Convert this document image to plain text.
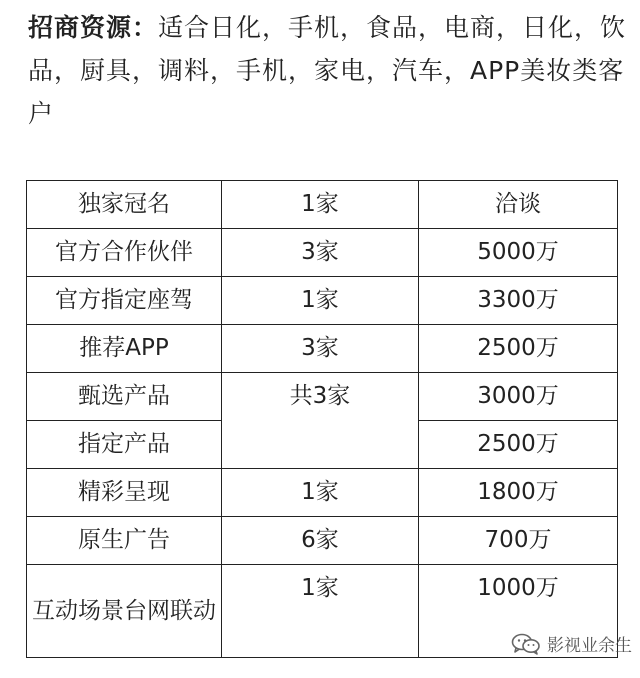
招商资源：适合日化，手机，食品，电商，日化，饮品，厨具，调料，手机，家电，汽车，APP美妆类客户
独家冠名	1家	洽谈
官方合作伙伴	3家	5000万
官方指定座驾	1家	3300万
推荐APP	3家	2500万
甄选产品	共3家	3000万
指定产品		2500万
精彩呈现	1家	1800万
原生广告	6家	700万
互动场景台网联动	1家	1000万
影视业余生
